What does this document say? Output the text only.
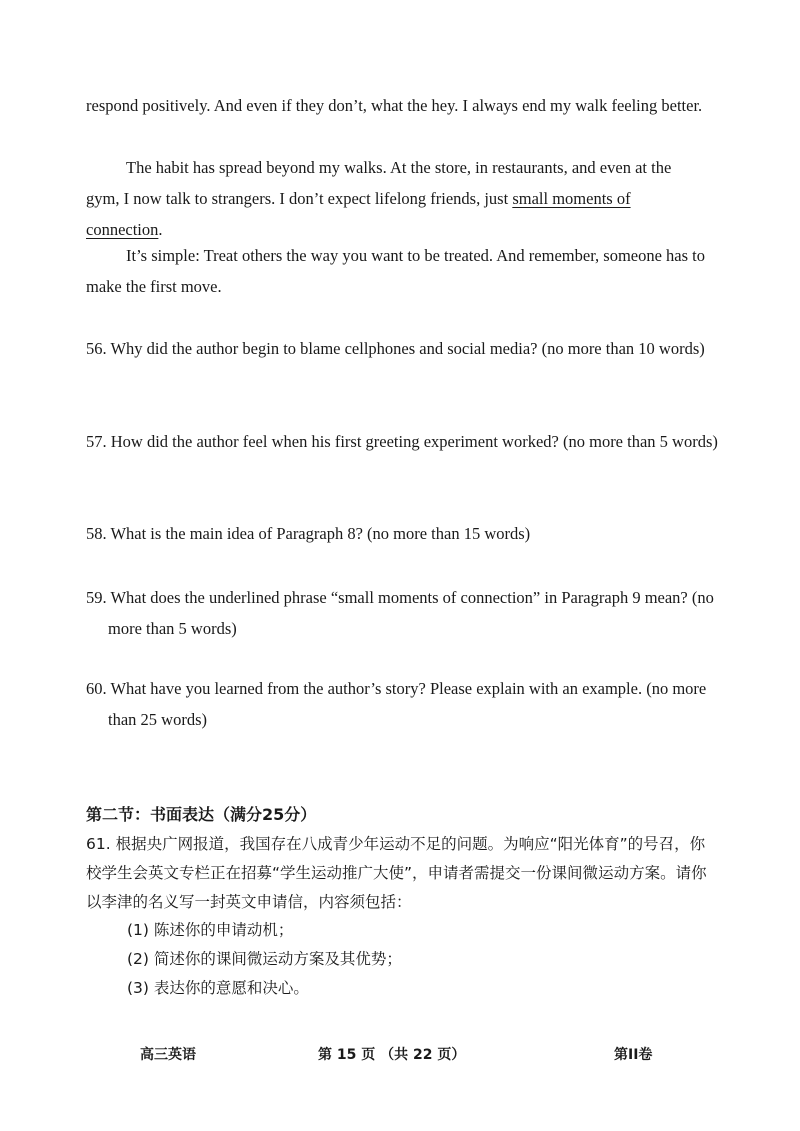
respond positively. And even if they don’t, what the hey. I always end my walk feeling better.

The habit has spread beyond my walks. At the store, in restaurants, and even at the gym, I now talk to strangers. I don’t expect lifelong friends, just small moments of connection.

It’s simple: Treat others the way you want to be treated. And remember, someone has to make the first move.

56. Why did the author begin to blame cellphones and social media? (no more than 10 words)

57. How did the author feel when his first greeting experiment worked? (no more than 5 words)

58. What is the main idea of Paragraph 8? (no more than 15 words)

59. What does the underlined phrase “small moments of connection” in Paragraph 9 mean? (no more than 5 words)

60. What have you learned from the author’s story? Please explain with an example. (no more than 25 words)

第二节：书面表达（满分25分）

61. 根据央广网报道，我国存在八成青少年运动不足的问题。为响应“阳光体育”的号召，你校学生会英文专栏正在招募“学生运动推广大使”，申请者需提交一份课间微运动方案。请你以李津的名义写一封英文申请信，内容须包括：

(1) 陈述你的申请动机；
(2) 简述你的课间微运动方案及其优势；
(3) 表达你的意愿和决心。

高三英语	第 15 页 （共 22 页）	第II卷
